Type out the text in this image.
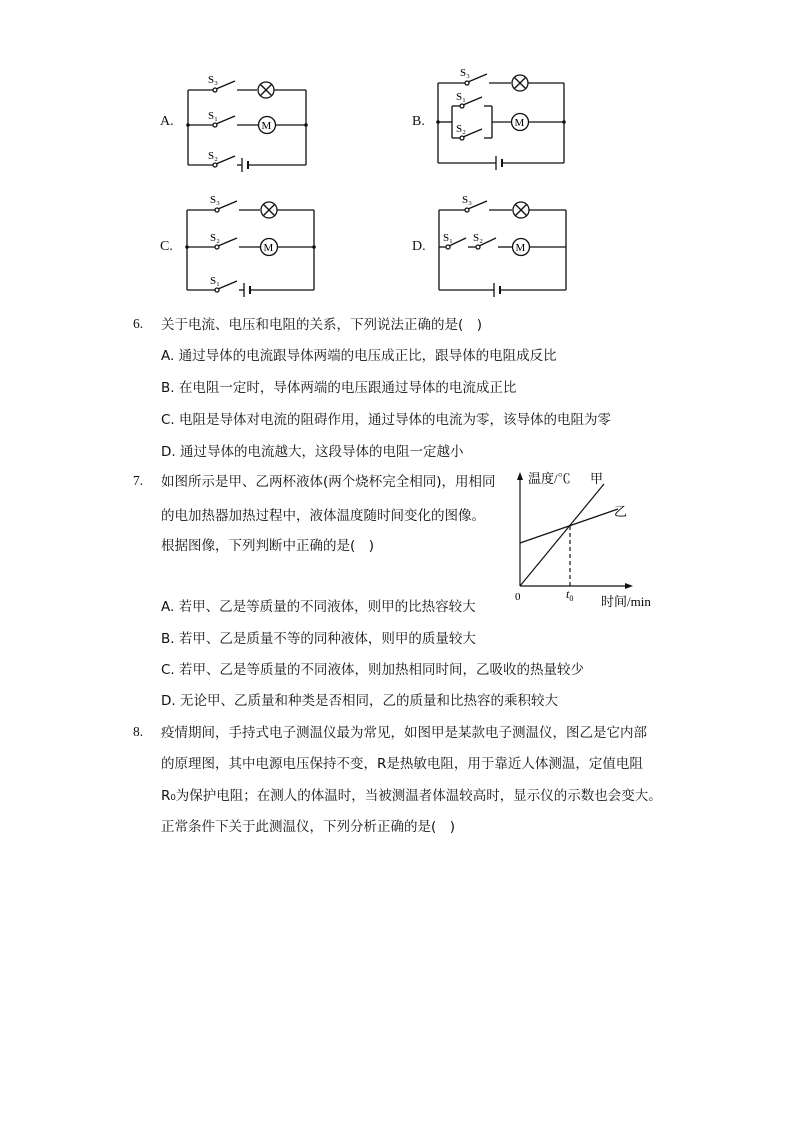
A.
S₃
S₁
S₂
M	B.
S₃
S₁
S₂	M
C.
S₃
S₂
S₁
M	D.
S₃
S₁ S₂
M
6. 关于电流、电压和电阻的关系，下列说法正确的是(　)
A. 通过导体的电流跟导体两端的电压成正比，跟导体的电阻成反比
B. 在电阻一定时，导体两端的电压跟通过导体的电流成正比
C. 电阻是导体对电流的阻碍作用，通过导体的电流为零，该导体的电阻为零
D. 通过导体的电流越大，这段导体的电阻一定越小
7. 如图所示是甲、乙两杯液体(两个烧杯完全相同)，用相同
的电加热器加热过程中，液体温度随时间变化的图像。
根据图像，下列判断中正确的是(　)
A. 若甲、乙是等质量的不同液体，则甲的比热容较大
B. 若甲、乙是质量不等的同种液体，则甲的质量较大
C. 若甲、乙是等质量的不同液体，则加热相同时间，乙吸收的热量较少
D. 无论甲、乙质量和种类是否相同，乙的质量和比热容的乘积较大
温度/℃ 甲
乙
0	$t_0$ 时间/min
8. 疫情期间，手持式电子测温仪最为常见，如图甲是某款电子测温仪，图乙是它内部
的原理图，其中电源电压保持不变，R是热敏电阻，用于靠近人体测温，定值电阻
R₀为保护电阻；在测人的体温时，当被测温者体温较高时，显示仪的示数也会变大。
正常条件下关于此测温仪，下列分析正确的是(　)
